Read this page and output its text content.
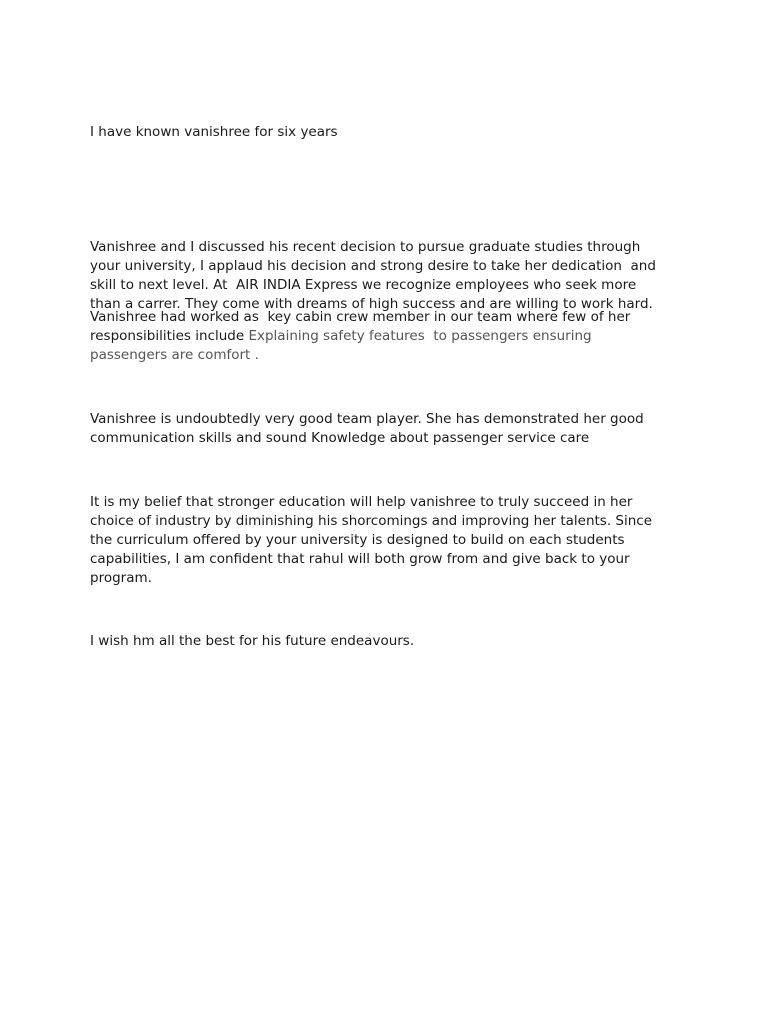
I have known vanishree for six years

Vanishree and I discussed his recent decision to pursue graduate studies through
your university, I applaud his decision and strong desire to take her dedication  and
skill to next level. At  AIR INDIA Express we recognize employees who seek more
than a carrer. They come with dreams of high success and are willing to work hard.

Vanishree had worked as  key cabin crew member in our team where few of her
responsibilities include Explaining safety features  to passengers ensuring
passengers are comfort .

Vanishree is undoubtedly very good team player. She has demonstrated her good
communication skills and sound Knowledge about passenger service care

It is my belief that stronger education will help vanishree to truly succeed in her
choice of industry by diminishing his shorcomings and improving her talents. Since
the curriculum offered by your university is designed to build on each students
capabilities, I am confident that rahul will both grow from and give back to your
program.

I wish hm all the best for his future endeavours.
